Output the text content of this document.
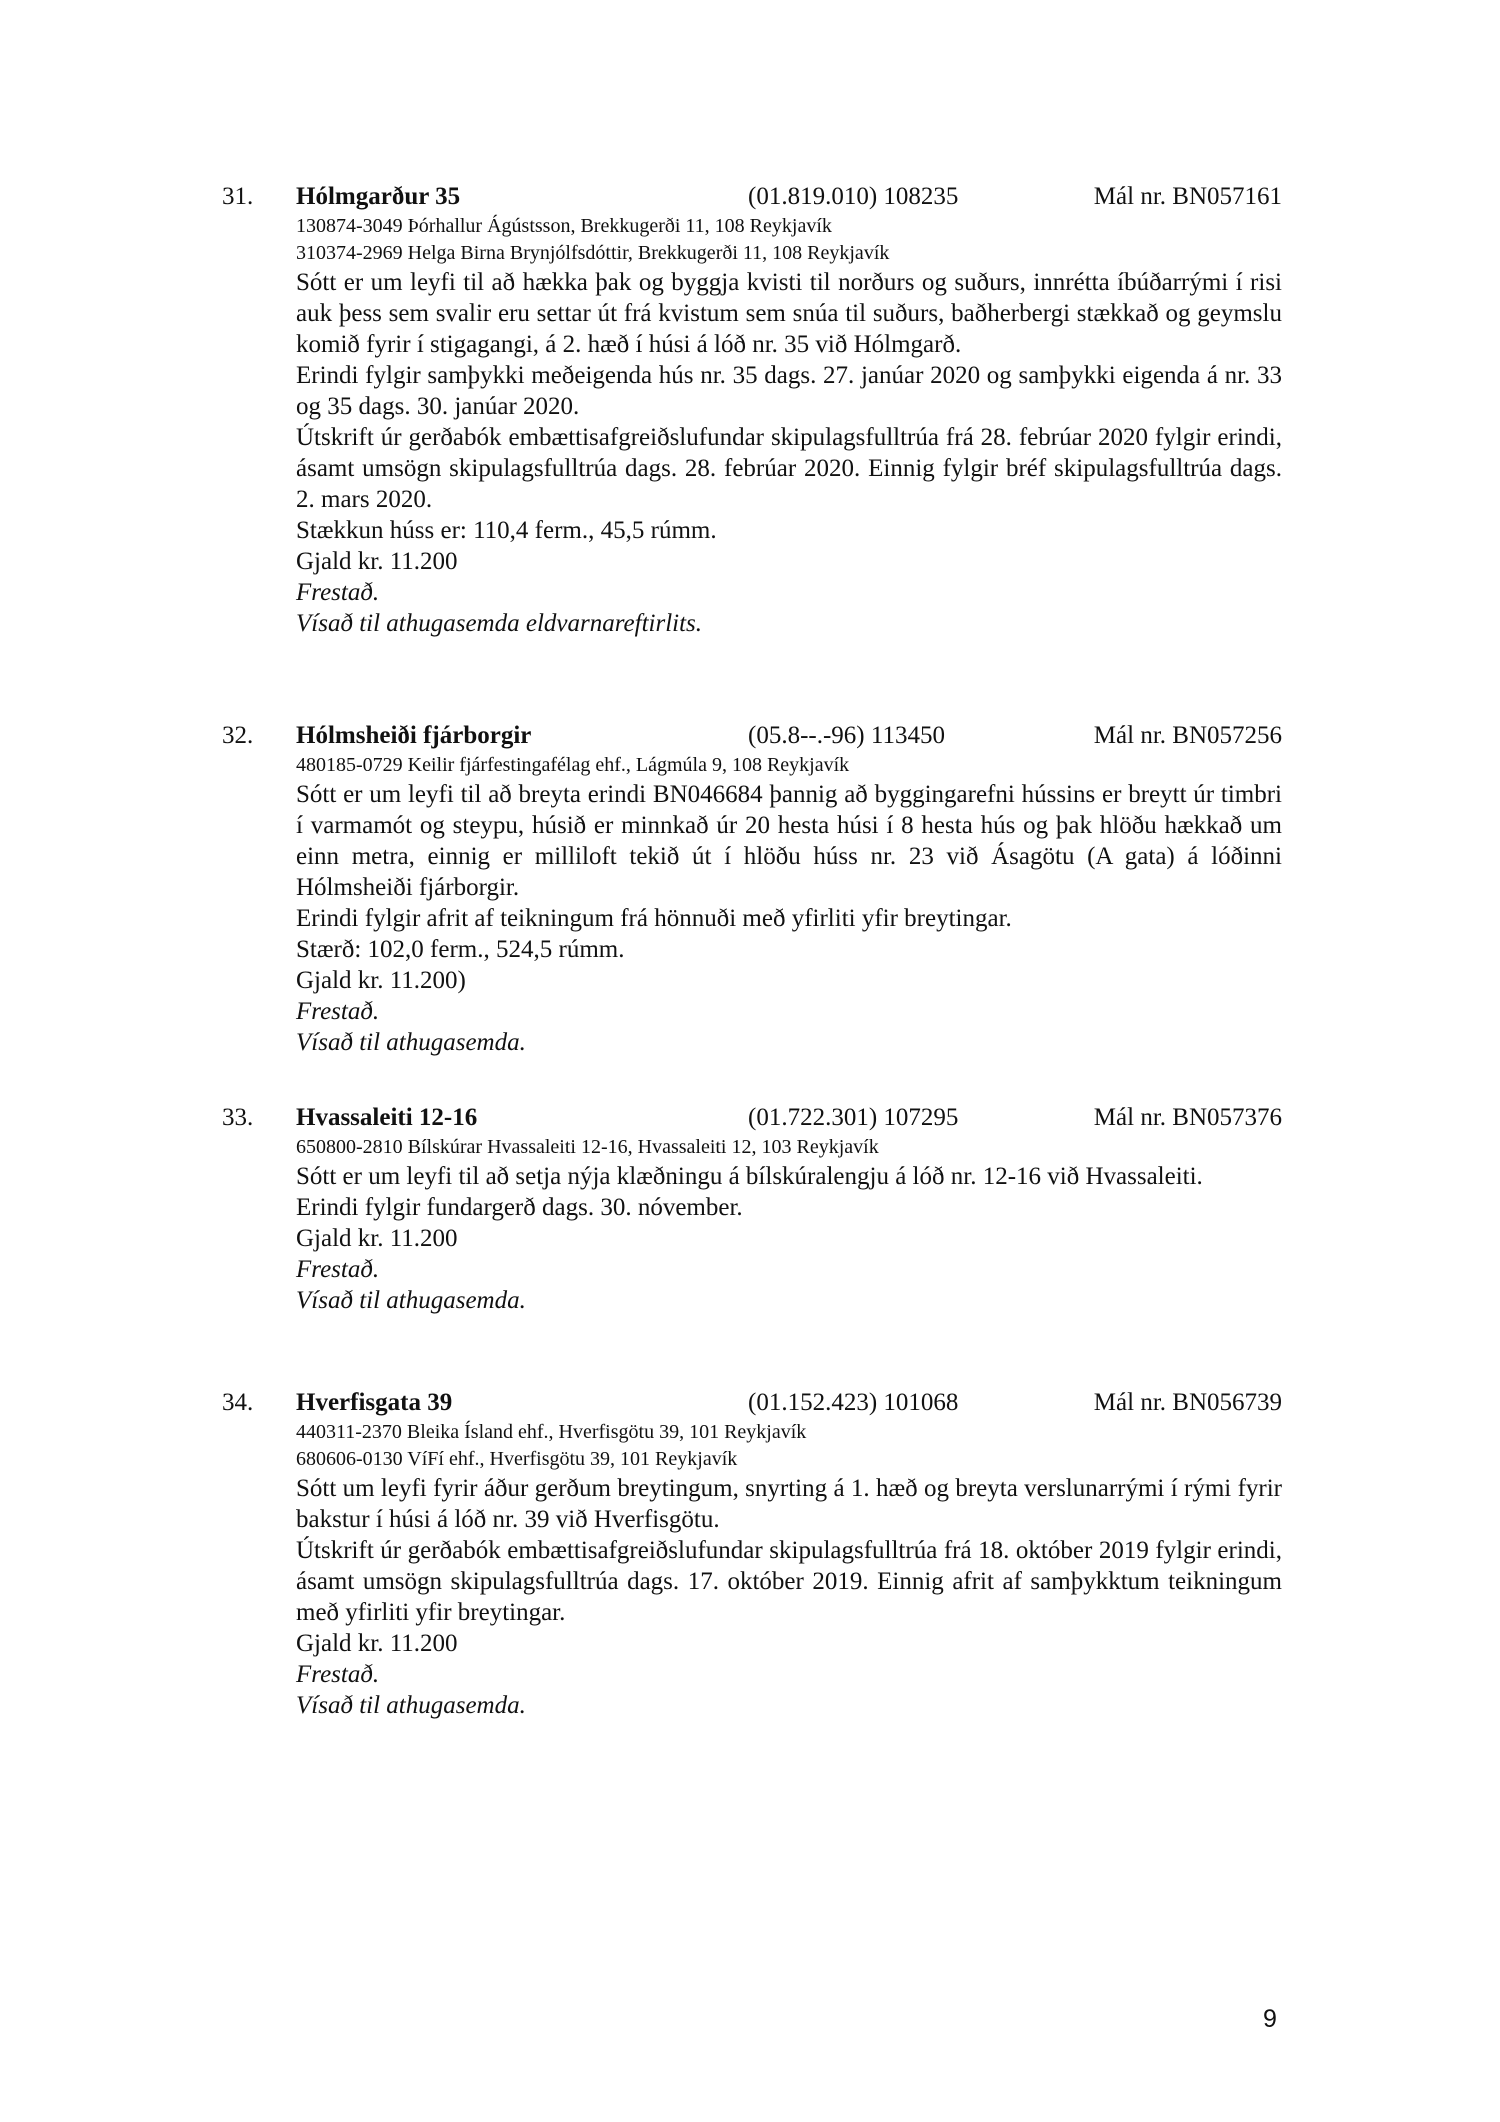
31. Hólmgarður 35	(01.819.010) 108235	Mál nr. BN057161
130874-3049 Þórhallur Ágústsson, Brekkugerði 11, 108 Reykjavík
310374-2969 Helga Birna Brynjólfsdóttir, Brekkugerði 11, 108 Reykjavík
Sótt er um leyfi til að hækka þak og byggja kvisti til norðurs og suðurs, innrétta íbúðarrými í risi auk þess sem svalir eru settar út frá kvistum sem snúa til suðurs, baðherbergi stækkað og geymslu komið fyrir í stigagangi, á 2. hæð í húsi á lóð nr. 35 við Hólmgarð.
Erindi fylgir samþykki meðeigenda hús nr. 35 dags. 27. janúar 2020 og samþykki eigenda á nr. 33 og 35 dags. 30. janúar 2020.
Útskrift úr gerðabók embættisafgreiðslufundar skipulagsfulltrúa frá 28. febrúar 2020 fylgir erindi, ásamt umsögn skipulagsfulltrúa dags. 28. febrúar 2020. Einnig fylgir bréf skipulagsfulltrúa dags. 2. mars 2020.
Stækkun húss er: 110,4 ferm., 45,5 rúmm.
Gjald kr. 11.200
Frestað.
Vísað til athugasemda eldvarnareftirlits.
32. Hólmsheiði fjárborgir	(05.8--.-96) 113450	Mál nr. BN057256
480185-0729 Keilir fjárfestingafélag ehf., Lágmúla 9, 108 Reykjavík
Sótt er um leyfi til að breyta erindi BN046684 þannig að byggingarefni hússins er breytt úr timbri í varmamót og steypu, húsið er minnkað úr 20 hesta húsi í 8 hesta hús og þak hlöðu hækkað um einn metra, einnig er milliloft tekið út í hlöðu húss nr. 23 við Ásagötu (A gata) á lóðinni Hólmsheiði fjárborgir.
Erindi fylgir afrit af teikningum frá hönnuði með yfirliti yfir breytingar.
Stærð: 102,0 ferm., 524,5 rúmm.
Gjald kr. 11.200)
Frestað.
Vísað til athugasemda.
33. Hvassaleiti 12-16	(01.722.301) 107295	Mál nr. BN057376
650800-2810 Bílskúrar Hvassaleiti 12-16, Hvassaleiti 12, 103 Reykjavík
Sótt er um leyfi til að setja nýja klæðningu á bílskúralengju á lóð nr. 12-16 við Hvassaleiti.
Erindi fylgir fundargerð dags. 30. nóvember.
Gjald kr. 11.200
Frestað.
Vísað til athugasemda.
34. Hverfisgata 39	(01.152.423) 101068	Mál nr. BN056739
440311-2370 Bleika Ísland ehf., Hverfisgötu 39, 101 Reykjavík
680606-0130 VíFí ehf., Hverfisgötu 39, 101 Reykjavík
Sótt um leyfi fyrir áður gerðum breytingum, snyrting á 1. hæð og breyta verslunarrými í rými fyrir bakstur í húsi á lóð nr. 39 við Hverfisgötu.
Útskrift úr gerðabók embættisafgreiðslufundar skipulagsfulltrúa frá 18. október 2019 fylgir erindi, ásamt umsögn skipulagsfulltrúa dags. 17. október 2019. Einnig afrit af samþykktum teikningum með yfirliti yfir breytingar.
Gjald kr. 11.200
Frestað.
Vísað til athugasemda.
9
